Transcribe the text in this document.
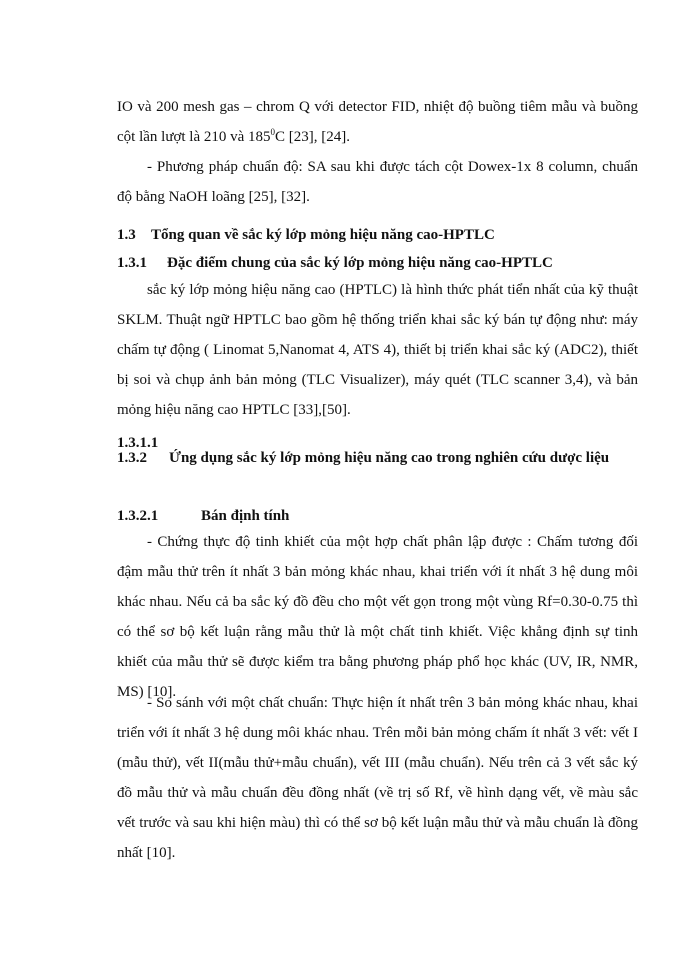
IO và 200 mesh gas – chrom Q với detector FID, nhiệt độ buồng tiêm mẫu và buồng cột lần lượt là 210 và $185^0C$ [23], [24].

- Phương pháp chuẩn độ: SA sau khi được tách cột Dowex-1x 8 column, chuẩn độ bằng NaOH loãng [25], [32].

1.3 Tổng quan về sắc ký lớp mỏng hiệu năng cao-HPTLC
1.3.1 Đặc điểm chung của sắc ký lớp mỏng hiệu năng cao-HPTLC

sắc ký lớp mỏng hiệu năng cao (HPTLC) là hình thức phát tiển nhất của kỹ thuật SKLM. Thuật ngữ HPTLC bao gồm hệ thống triển khai sắc ký bán tự động như: máy chấm tự động ( Linomat 5,Nanomat 4, ATS 4), thiết bị triển khai sắc ký (ADC2), thiết bị soi và chụp ảnh bản mỏng (TLC Visualizer), máy quét (TLC scanner 3,4), và bản mỏng hiệu năng cao HPTLC [33],[50].

1.3.1.1
1.3.2 Ứng dụng sắc ký lớp mỏng hiệu năng cao trong nghiên cứu dược liệu
1.3.2.1	Bán định tính

- Chứng thực độ tinh khiết của một hợp chất phân lập được : Chấm tương đối đậm mẫu thử trên ít nhất 3 bản mỏng khác nhau, khai triển với ít nhất 3 hệ dung môi khác nhau. Nếu cả ba sắc ký đồ đều cho một vết gọn trong một vùng Rf=0.30-0.75 thì có thể sơ bộ kết luận rằng mẫu thử là một chất tinh khiết. Việc khẳng định sự tinh khiết của mẫu thử sẽ được kiểm tra bằng phương pháp phổ học khác (UV, IR, NMR, MS) [10].

- So sánh với một chất chuẩn: Thực hiện ít nhất trên 3 bản mỏng khác nhau, khai triển với ít nhất 3 hệ dung môi khác nhau. Trên mỗi bản mỏng chấm ít nhất 3 vết: vết I (mẫu thử), vết II(mẫu thử+mẫu chuẩn), vết III (mẫu chuẩn). Nếu trên cả 3 vết sắc ký đồ mẫu thử và mẫu chuẩn đều đồng nhất (về trị số Rf, về hình dạng vết, về màu sắc vết trước và sau khi hiện màu) thì có thể sơ bộ kết luận mẫu thử và mẫu chuẩn là đồng nhất [10].
